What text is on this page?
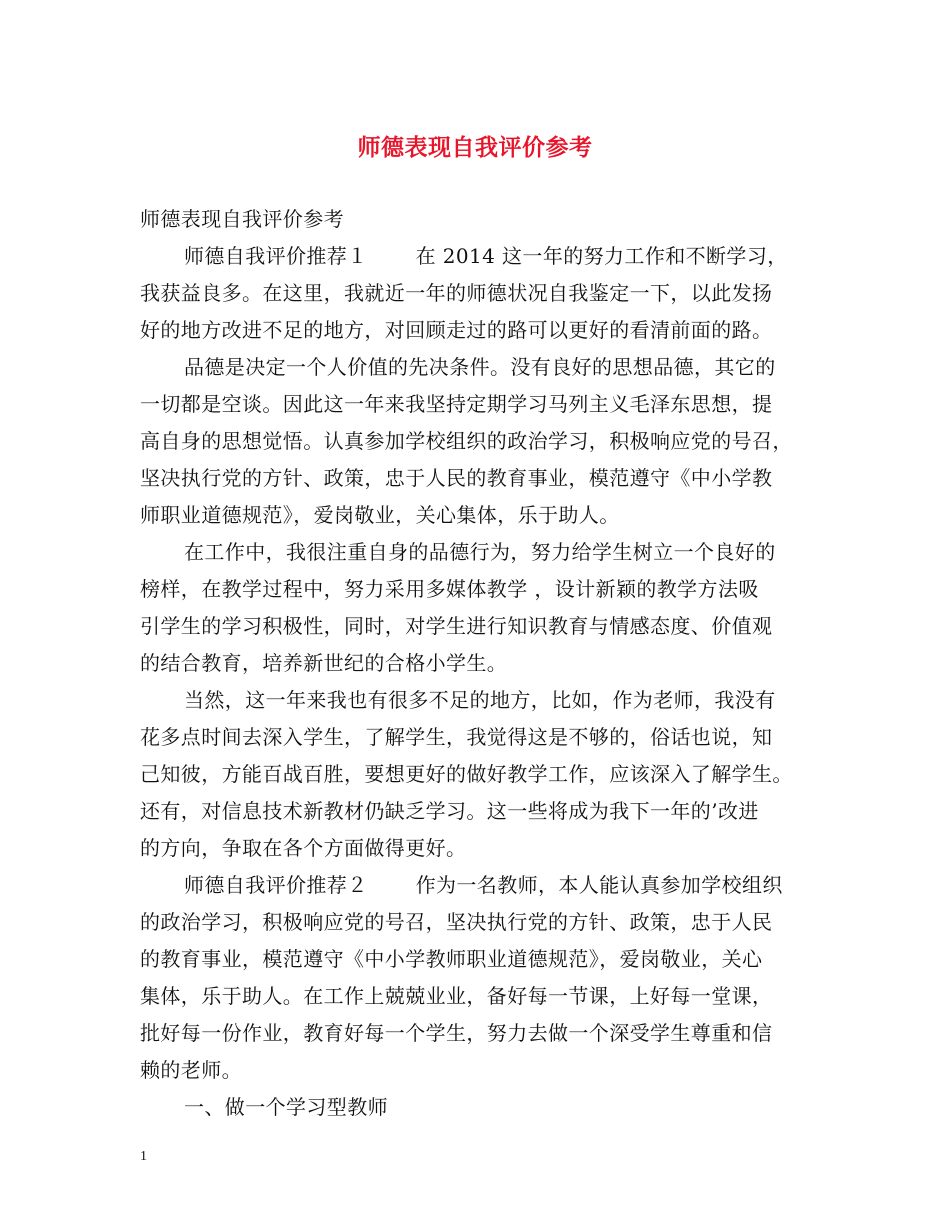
师德表现自我评价参考
师德表现自我评价参考
师德自我评价推荐１ 在 2014 这一年的努力工作和不断学习，
我获益良多。在这里，我就近一年的师德状况自我鉴定一下，以此发扬
好的地方改进不足的地方，对回顾走过的路可以更好的看清前面的路。
品德是决定一个人价值的先决条件。没有良好的思想品德，其它的
一切都是空谈。因此这一年来我坚持定期学习马列主义毛泽东思想，提
高自身的思想觉悟。认真参加学校组织的政治学习，积极响应党的号召，
坚决执行党的方针、政策，忠于人民的教育事业，模范遵守《中小学教
师职业道德规范》，爱岗敬业，关心集体，乐于助人。
在工作中，我很注重自身的品德行为，努力给学生树立一个良好的
榜样，在教学过程中，努力采用多媒体教学 ，设计新颖的教学方法吸
引学生的学习积极性，同时，对学生进行知识教育与情感态度、价值观
的结合教育，培养新世纪的合格小学生。
当然，这一年来我也有很多不足的地方，比如，作为老师，我没有
花多点时间去深入学生，了解学生，我觉得这是不够的，俗话也说，知
己知彼，方能百战百胜，要想更好的做好教学工作，应该深入了解学生。
还有，对信息技术新教材仍缺乏学习。这一些将成为我下一年的’改进
的方向，争取在各个方面做得更好。
师德自我评价推荐２ 作为一名教师，本人能认真参加学校组织
的政治学习，积极响应党的号召，坚决执行党的方针、政策，忠于人民
的教育事业，模范遵守《中小学教师职业道德规范》，爱岗敬业，关心
集体，乐于助人。在工作上兢兢业业，备好每一节课，上好每一堂课，
批好每一份作业，教育好每一个学生，努力去做一个深受学生尊重和信
赖的老师。
一、做一个学习型教师
1
